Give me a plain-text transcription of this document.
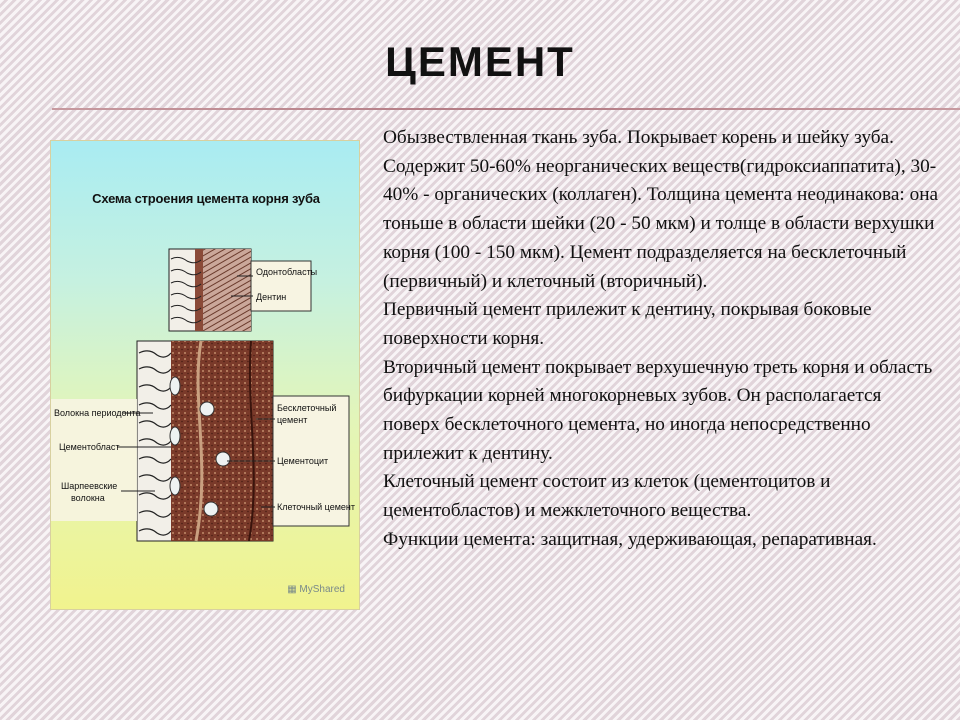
ЦЕМЕНТ
Схема строения цемента корня зуба
Одонтобласты
Дентин
Волокна периодонта
Цементобласт
Шарпеевские
волокна
Бесклеточный
цемент
Цементоцит
Клеточный цемент
▦ MyShared

Обызвествленная ткань зуба. Покрывает корень и шейку зуба. Содержит 50-60% неорганических веществ(гидроксиаппатита), 30-40% - органических (коллаген). Толщина цемента неодинакова: она тоньше в области шейки (20 - 50 мкм) и толще в области верхушки корня (100 - 150 мкм). Цемент подразделяется на бесклеточный (первичный) и клеточный (вторичный).

Первичный цемент прилежит к дентину, покрывая боковые поверхности корня.

Вторичный цемент покрывает верхушечную треть корня и область бифуркации корней многокорневых зубов. Он располагается поверх бесклеточного цемента, но иногда непосредственно прилежит к дентину.

Клеточный цемент состоит из клеток (цементоцитов и цементобластов) и межклеточного вещества.

Функции цемента: защитная, удерживающая, репаративная.
